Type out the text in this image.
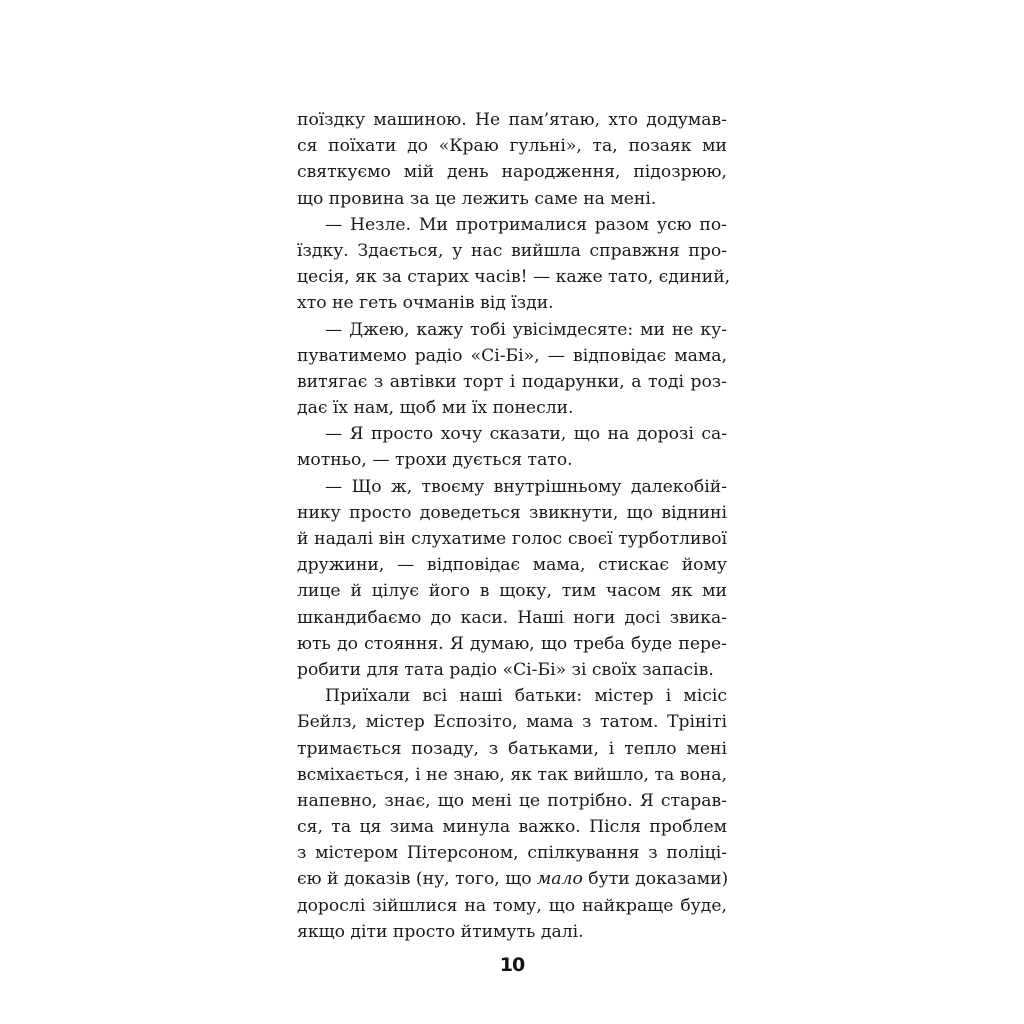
поїздку машиною. Не пам’ятаю, хто додумав-
ся поїхати до «Краю гульні», та, позаяк ми
святкуємо мій день народження, підозрюю,
що провина за це лежить саме на мені.
— Незле. Ми протрималися разом усю по-
їздку. Здається, у нас вийшла справжня про-
цесія, як за старих часів! — каже тато, єдиний,
хто не геть очманів від їзди.
— Джею, кажу тобі увісімдесяте: ми не ку-
пуватимемо радіо «Сі-Бі», — відповідає мама,
витягає з автівки торт і подарунки, а тоді роз-
дає їх нам, щоб ми їх понесли.
— Я просто хочу сказати, що на дорозі са-
мотньо, — трохи дується тато.
— Що ж, твоєму внутрішньому далекобій-
нику просто доведеться звикнути, що віднині
й надалі він слухатиме голос своєї турботливої
дружини, — відповідає мама, стискає йому
лице й цілує його в щоку, тим часом як ми
шкандибаємо до каси. Наші ноги досі звика-
ють до стояння. Я думаю, що треба буде пере-
робити для тата радіо «Сі-Бі» зі своїх запасів.
Приїхали всі наші батьки: містер і місіс
Бейлз, містер Еспозіто, мама з татом. Трініті
тримається позаду, з батьками, і тепло мені
всміхається, і не знаю, як так вийшло, та вона,
напевно, знає, що мені це потрібно. Я старав-
ся, та ця зима минула важко. Після проблем
з містером Пітерсоном, спілкування з поліці-
єю й доказів (ну, того, що мало бути доказами)
дорослі зійшлися на тому, що найкраще буде,
якщо діти просто йтимуть далі.
10
